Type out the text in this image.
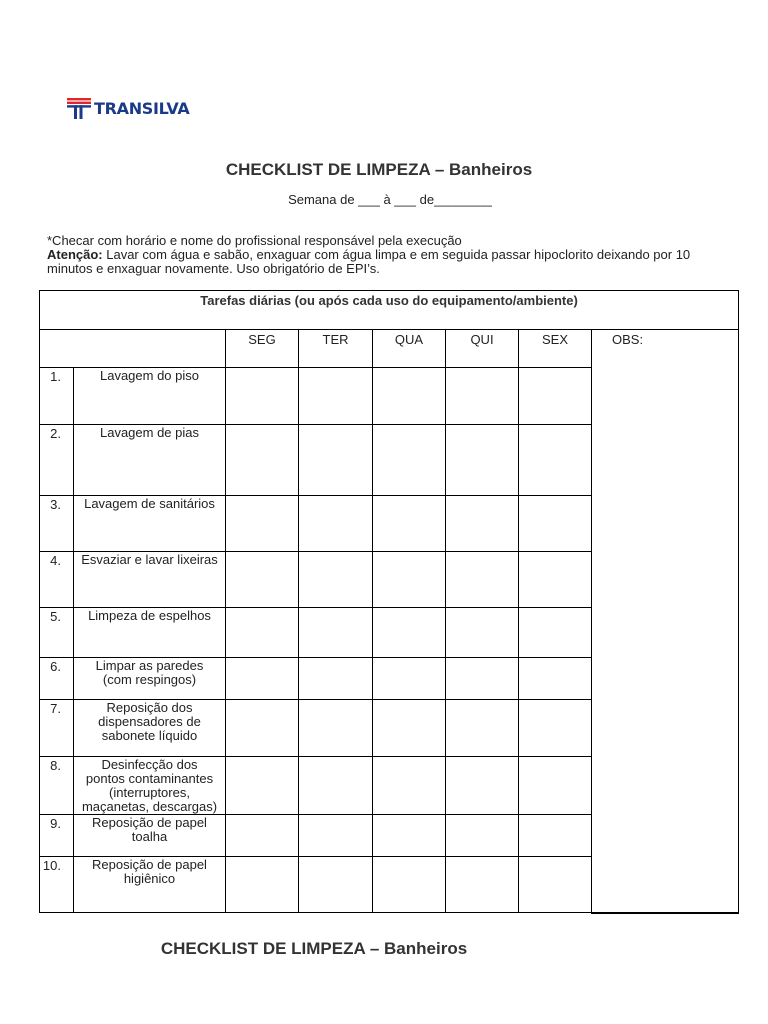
TRANSILVA
CHECKLIST DE LIMPEZA – Banheiros
Semana de ___ à ___ de________
*Checar com horário e nome do profissional responsável pela execução
Atenção: Lavar com água e sabão, enxaguar com água limpa e em seguida passar hipoclorito deixando por 10 minutos e enxaguar novamente. Uso obrigatório de EPI’s.
Tarefas diárias (ou após cada uso do equipamento/ambiente)							
		SEG	TER	QUA	QUI	SEX	OBS:
1.	Lavagem do piso						
2.	Lavagem de pias						
3.	Lavagem de sanitários						
4.	Esvaziar e lavar lixeiras						
5.	Limpeza de espelhos						
6.	Limpar as paredes
(com respingos)						
7.	Reposição dos
dispensadores de
sabonete líquido						
8.	Desinfecção dos
pontos contaminantes
(interruptores,
maçanetas, descargas)						
9.	Reposição de papel
toalha						
10.	Reposição de papel
higiênico						
CHECKLIST DE LIMPEZA – Banheiros
